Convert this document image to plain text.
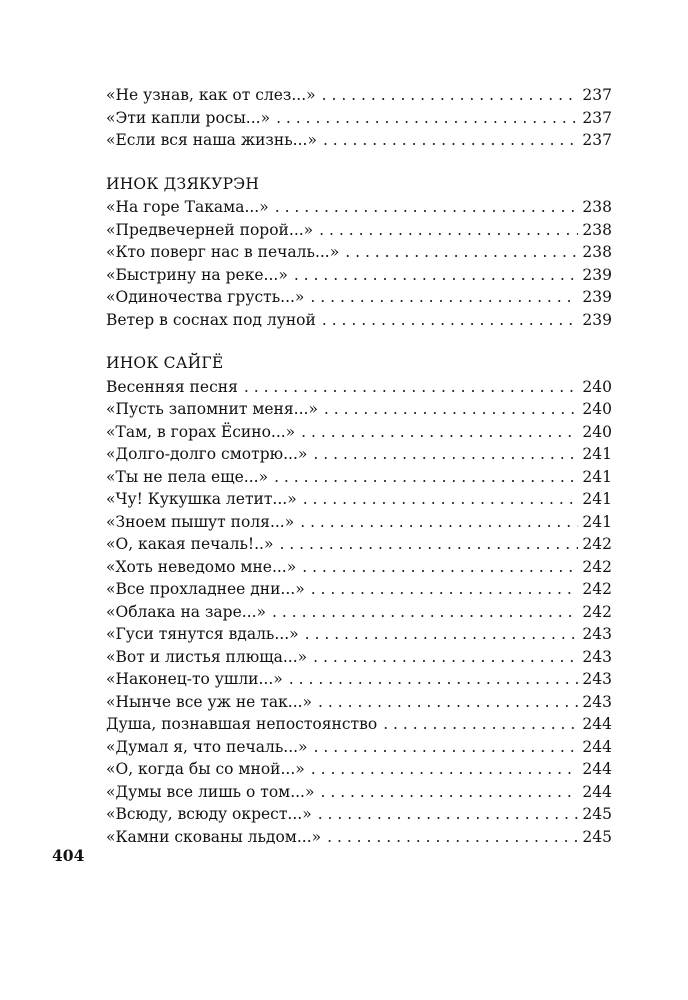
«Не узнав, как от слез...» . . .	237
«Эти капли росы...» . . .	237
«Если вся наша жизнь...» . . .	237
ИНОК ДЗЯКУРЭН
«На горе Такама...» . . .	238
«Предвечерней порой...» . . .	238
«Кто поверг нас в печаль...» . . .	238
«Быстрину на реке...» . . .	239
«Одиночества грусть...» . . .	239
Ветер в соснах под луной . . .	239
ИНОК САЙГЁ
Весенняя песня . . .	240
«Пусть запомнит меня...» . . .	240
«Там, в горах Ёсино...» . . .	240
«Долго-долго смотрю...» . . .	241
«Ты не пела еще...» . . .	241
«Чу! Кукушка летит...» . . .	241
«Зноем пышут поля...» . . .	241
«О, какая печаль!..» . . .	242
«Хоть неведомо мне...» . . .	242
«Все прохладнее дни...» . . .	242
«Облака на заре...» . . .	242
«Гуси тянутся вдаль...» . . .	243
«Вот и листья плюща...» . . .	243
«Наконец-то ушли...» . . .	243
«Нынче все уж не так...» . . .	243
Душа, познавшая непостоянство . . .	244
«Думал я, что печаль...» . . .	244
«О, когда бы со мной...» . . .	244
«Думы все лишь о том...» . . .	244
«Всюду, всюду окрест...» . . .	245
«Камни скованы льдом...» . . .	245
404
